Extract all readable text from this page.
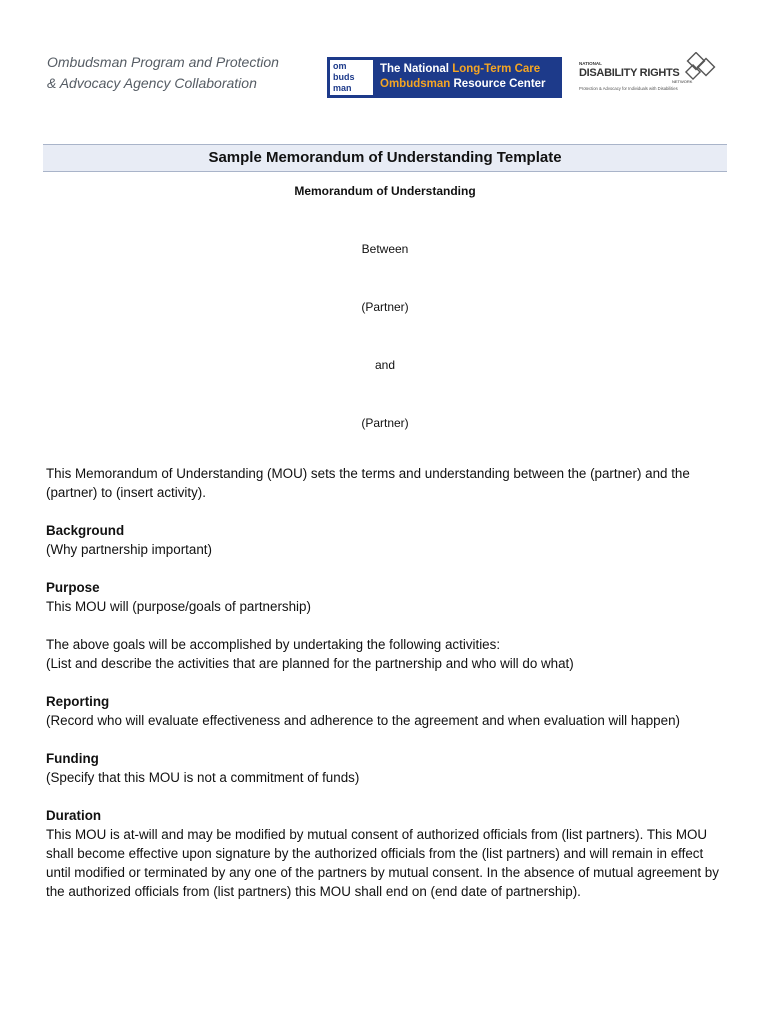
Ombudsman Program and Protection
& Advocacy Agency Collaboration
om
buds
man
The National Long-Term Care
Ombudsman Resource Center
NATIONAL
DISABILITY RIGHTS
NETWORK
Protection & Advocacy for Individuals with Disabilities
Sample Memorandum of Understanding Template
Memorandum of Understanding
Between
(Partner)
and
(Partner)

This Memorandum of Understanding (MOU) sets the terms and understanding between the (partner) and the (partner) to (insert activity).

Background

(Why partnership important)

Purpose

This MOU will (purpose/goals of partnership)

The above goals will be accomplished by undertaking the following activities:

(List and describe the activities that are planned for the partnership and who will do what)

Reporting

(Record who will evaluate effectiveness and adherence to the agreement and when evaluation will happen)

Funding

(Specify that this MOU is not a commitment of funds)

Duration

This MOU is at-will and may be modified by mutual consent of authorized officials from (list partners). This MOU shall become effective upon signature by the authorized officials from the (list partners) and will remain in effect until modified or terminated by any one of the partners by mutual consent. In the absence of mutual agreement by the authorized officials from (list partners) this MOU shall end on (end date of partnership).
